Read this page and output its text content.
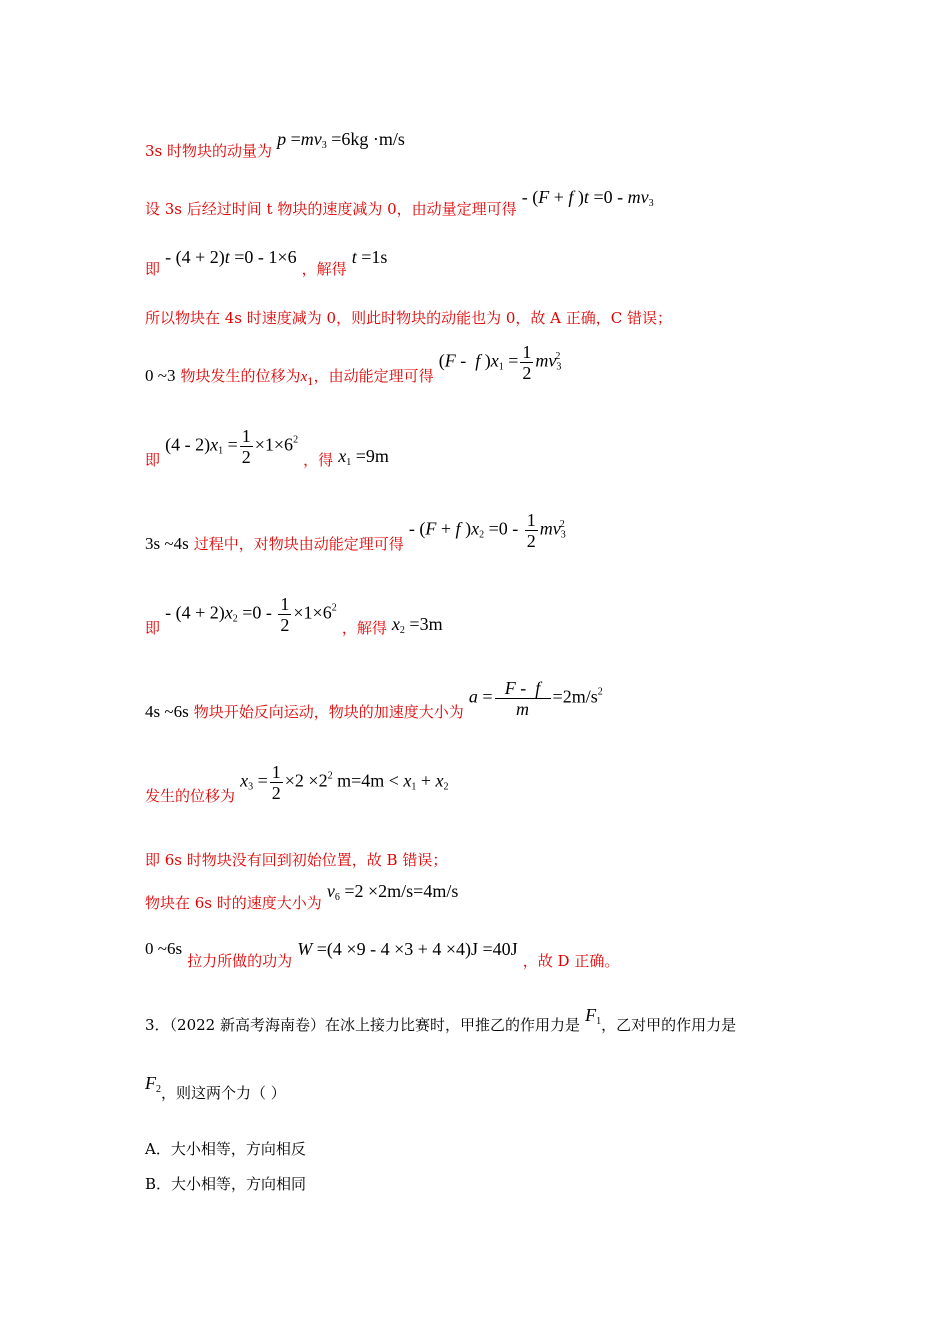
3s 时物块的动量为 $p =mv_3 =6kg \cdot m/s$
设 3s 后经过时间 t 物块的速度减为 0，由动量定理可得 - (F + f )$t =0 - mv_3$
即 - (4 + 2)t =0 - 1×6 ，解得 t =1s
所以物块在 4s 时速度减为 0，则此时物块的动能也为 0，故 A 正确，C 错误；
0 ~3 物块发生的位移为$x_1$，由动能定理可得 (F -  f )$x_1 = \frac{1}{2} mv_3^2$
即 $(4 - 2)x_1 = \frac{1}{2} \times 1\times 6^2$ ，得 $x_1 =9m$
3s ~4s 过程中，对物块由动能定理可得 - (F + f )$x_2 =0 - \frac{1}{2} mv_3^2$
即 - $(4 + 2)x_2 =0 - \frac{1}{2} \times 1\times 6^2$ ，解得 $x_2 =3m$
4s ~6s 物块开始反向运动，物块的加速度大小为 $a = \frac{F - f}{m} =2m/s^2$
发生的位移为 $x_3 = \frac{1}{2} \times 2 \times 2^2$ $m=4m < x_1 + x_2$
即 6s 时物块没有回到初始位置，故 B 错误；
物块在 6s 时的速度大小为 $v_6 =2 \times 2m/s=4m/s$
0 ~6s 拉力所做的功为 W =(4 ×9 - 4 ×3 + 4 ×4)J =40J ，故 D 正确。
3．（2022 新高考海南卷）在冰上接力比赛时，甲推乙的作用力是 $F_1$，乙对甲的作用力是
$F_2$，则这两个力（ ）
A．大小相等，方向相反
B．大小相等，方向相同
